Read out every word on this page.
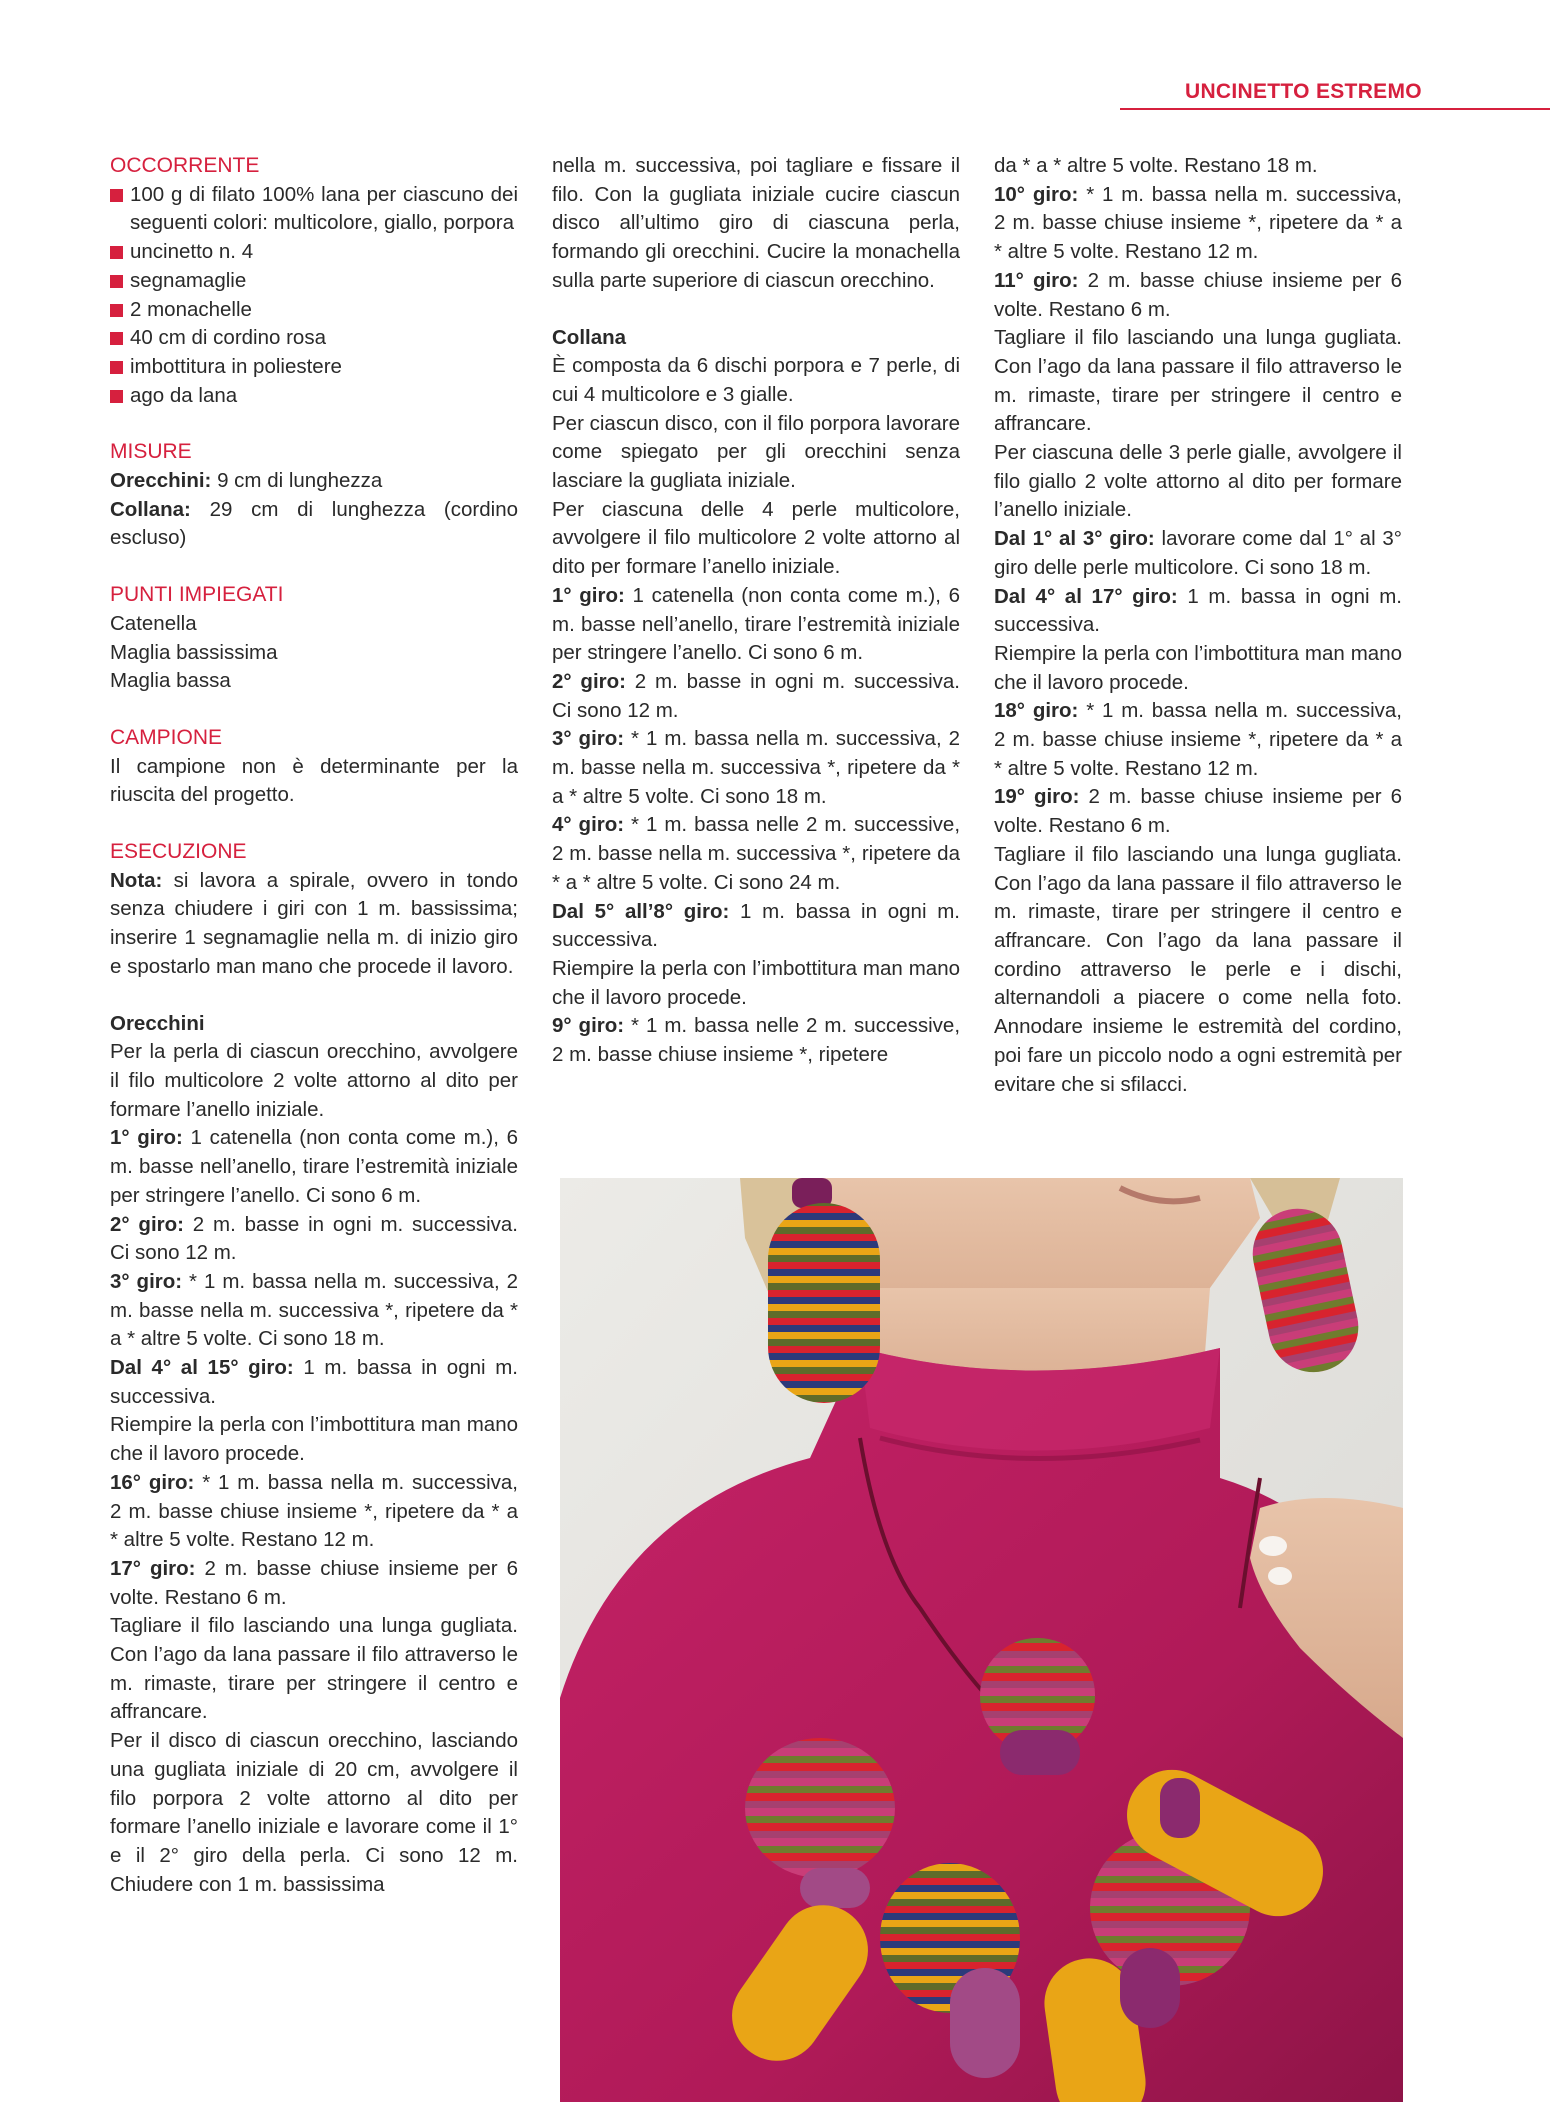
UNCINETTO ESTREMO

OCCORRENTE

100 g di filato 100% lana per ciascuno dei seguenti colori: multicolore, giallo, porpora
uncinetto n. 4
segnamaglie
2 monachelle
40 cm di cordino rosa
imbottitura in poliestere
ago da lana

MISURE

Orecchini: 9 cm di lunghezza

Collana: 29 cm di lunghezza (cordino escluso)

PUNTI IMPIEGATI

Catenella

Maglia bassissima

Maglia bassa

CAMPIONE

Il campione non è determinante per la riuscita del progetto.

ESECUZIONE

Nota: si lavora a spirale, ovvero in tondo senza chiudere i giri con 1 m. bassissima; inserire 1 segnamaglie nella m. di inizio giro e spostarlo man mano che procede il lavoro.

Orecchini

Per la perla di ciascun orecchino, avvolgere il filo multicolore 2 volte attorno al dito per formare l’anello iniziale.

1° giro: 1 catenella (non conta come m.), 6 m. basse nell’anello, tirare l’estremità iniziale per stringere l’anello. Ci sono 6 m.

2° giro: 2 m. basse in ogni m. successiva. Ci sono 12 m.

3° giro: * 1 m. bassa nella m. successiva, 2 m. basse nella m. successiva *, ripetere da * a * altre 5 volte. Ci sono 18 m.

Dal 4° al 15° giro: 1 m. bassa in ogni m. successiva.

Riempire la perla con l’imbottitura man mano che il lavoro procede.

16° giro: * 1 m. bassa nella m. successiva, 2 m. basse chiuse insieme *, ripetere da * a * altre 5 volte. Restano 12 m.

17° giro: 2 m. basse chiuse insieme per 6 volte. Restano 6 m.

Tagliare il filo lasciando una lunga gugliata. Con l’ago da lana passare il filo attraverso le m. rimaste, tirare per stringere il centro e affrancare.

Per il disco di ciascun orecchino, lasciando una gugliata iniziale di 20 cm, avvolgere il filo porpora 2 volte attorno al dito per formare l’anello iniziale e lavorare come il 1° e il 2° giro della perla. Ci sono 12 m. Chiudere con 1 m. bassissima

nella m. successiva, poi tagliare e fissare il filo. Con la gugliata iniziale cucire ciascun disco all’ultimo giro di ciascuna perla, formando gli orecchini. Cucire la monachella sulla parte superiore di ciascun orecchino.

Collana

È composta da 6 dischi porpora e 7 perle, di cui 4 multicolore e 3 gialle.

Per ciascun disco, con il filo porpora lavorare come spiegato per gli orecchini senza lasciare la gugliata iniziale.

Per ciascuna delle 4 perle multicolore, avvolgere il filo multicolore 2 volte attorno al dito per formare l’anello iniziale.

1° giro: 1 catenella (non conta come m.), 6 m. basse nell’anello, tirare l’estremità iniziale per stringere l’anello. Ci sono 6 m.

2° giro: 2 m. basse in ogni m. successiva. Ci sono 12 m.

3° giro: * 1 m. bassa nella m. successiva, 2 m. basse nella m. successiva *, ripetere da * a * altre 5 volte. Ci sono 18 m.

4° giro: * 1 m. bassa nelle 2 m. successive, 2 m. basse nella m. successiva *, ripetere da * a * altre 5 volte. Ci sono 24 m.

Dal 5° all’8° giro: 1 m. bassa in ogni m. successiva.

Riempire la perla con l’imbottitura man mano che il lavoro procede.

9° giro: * 1 m. bassa nelle 2 m. successive, 2 m. basse chiuse insieme *, ripetere

da * a * altre 5 volte. Restano 18 m.

10° giro: * 1 m. bassa nella m. successiva, 2 m. basse chiuse insieme *, ripetere da * a * altre 5 volte. Restano 12 m.

11° giro: 2 m. basse chiuse insieme per 6 volte. Restano 6 m.

Tagliare il filo lasciando una lunga gugliata. Con l’ago da lana passare il filo attraverso le m. rimaste, tirare per stringere il centro e affrancare.

Per ciascuna delle 3 perle gialle, avvolgere il filo giallo 2 volte attorno al dito per formare l’anello iniziale.

Dal 1° al 3° giro: lavorare come dal 1° al 3° giro delle perle multicolore. Ci sono 18 m.

Dal 4° al 17° giro: 1 m. bassa in ogni m. successiva.

Riempire la perla con l’imbottitura man mano che il lavoro procede.

18° giro: * 1 m. bassa nella m. successiva, 2 m. basse chiuse insieme *, ripetere da * a * altre 5 volte. Restano 12 m.

19° giro: 2 m. basse chiuse insieme per 6 volte. Restano 6 m.

Tagliare il filo lasciando una lunga gugliata. Con l’ago da lana passare il filo attraverso le m. rimaste, tirare per stringere il centro e affrancare. Con l’ago da lana passare il cordino attraverso le perle e i dischi, alternandoli a piacere o come nella foto. Annodare insieme le estremità del cordino, poi fare un piccolo nodo a ogni estremità per evitare che si sfilacci.
